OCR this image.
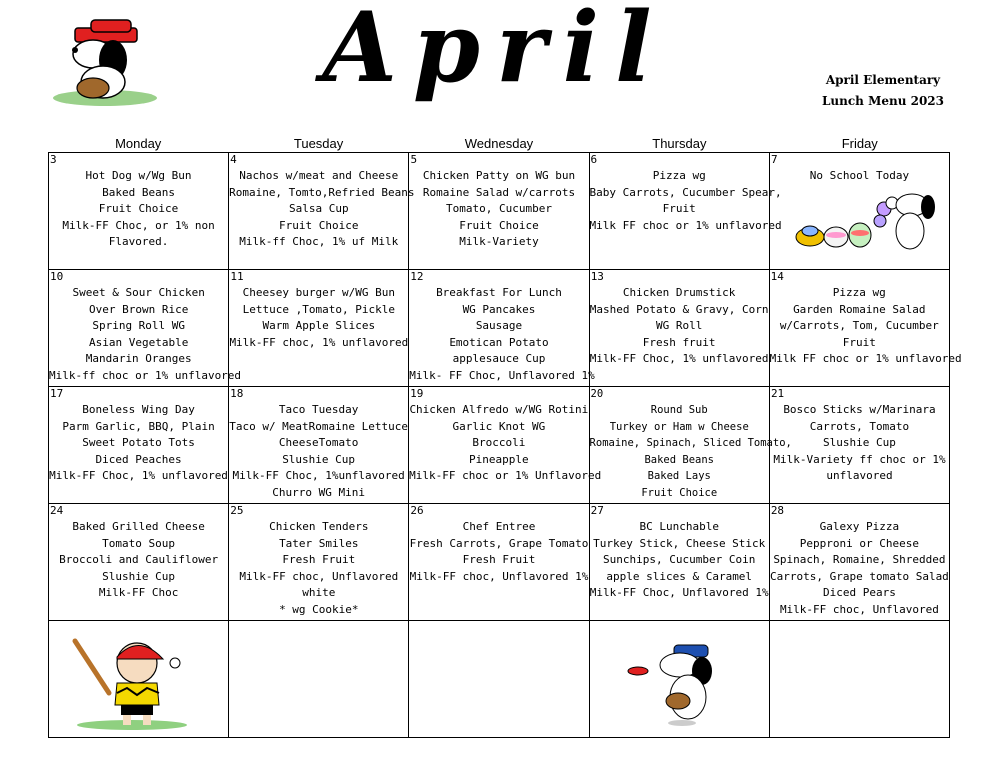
April	April Elementary
Lunch Menu 2023
Monday	Tuesday	Wednesday	Thursday	Friday
3
Hot Dog w/Wg Bun
Baked Beans
Fruit Choice
Milk-FF Choc, or 1% non
Flavored.
4
Nachos w/meat and Cheese
Romaine, Tomto,Refried Beans
Salsa Cup
Fruit Choice
Milk-ff Choc, 1% uf Milk
5
Chicken Patty on WG bun
Romaine Salad w/carrots
Tomato, Cucumber
Fruit Choice
Milk-Variety
6
Pizza wg
Baby Carrots, Cucumber Spear,
Fruit
Milk FF choc or 1% unflavored
7
No School Today
10
Sweet & Sour Chicken
Over Brown Rice
Spring Roll WG
Asian Vegetable
Mandarin Oranges
Milk-ff choc or 1% unflavored
11
Cheesey burger w/WG Bun
Lettuce ,Tomato, Pickle
Warm Apple Slices
Milk-FF choc, 1% unflavored
12
Breakfast For Lunch
WG Pancakes
Sausage
Emotican Potato
applesauce Cup
Milk- FF Choc, Unflavored 1%
13
Chicken Drumstick
Mashed Potato & Gravy, Corn
WG Roll
Fresh fruit
Milk-FF Choc, 1% unflavored
14
Pizza wg
Garden Romaine Salad
w/Carrots, Tom, Cucumber
Fruit
Milk FF choc or 1% unflavored
17
Boneless Wing Day
Parm Garlic, BBQ, Plain
Sweet Potato Tots
Diced Peaches
Milk-FF Choc, 1% unflavored
18
Taco Tuesday
Taco w/ MeatRomaine Lettuce
CheeseTomato
Slushie Cup
Milk-FF Choc, 1%unflavored
Churro WG Mini
19
Chicken Alfredo w/WG Rotini
Garlic Knot WG
Broccoli
Pineapple
Milk-FF choc or 1% Unflavored
20
Round Sub
Turkey or Ham w Cheese
Romaine, Spinach, Sliced Tomato,
Baked Beans
Baked Lays
Fruit Choice
21
Bosco Sticks w/Marinara
Carrots, Tomato
Slushie Cup
Milk-Variety ff choc or 1%
unflavored
24
Baked Grilled Cheese
Tomato Soup
Broccoli and Cauliflower
Slushie Cup
Milk-FF Choc
25
Chicken Tenders
Tater Smiles
Fresh Fruit
Milk-FF choc, Unflavored
white
* wg Cookie*
26
Chef Entree
Fresh Carrots, Grape Tomato
Fresh Fruit
Milk-FF choc, Unflavored 1%
27
BC Lunchable
Turkey Stick, Cheese Stick
Sunchips, Cucumber Coin
apple slices & Caramel
Milk-FF Choc, Unflavored 1%
28
Galexy Pizza
Pepproni or Cheese
Spinach, Romaine, Shredded
Carrots, Grape tomato Salad
Diced Pears
Milk-FF choc, Unflavored
